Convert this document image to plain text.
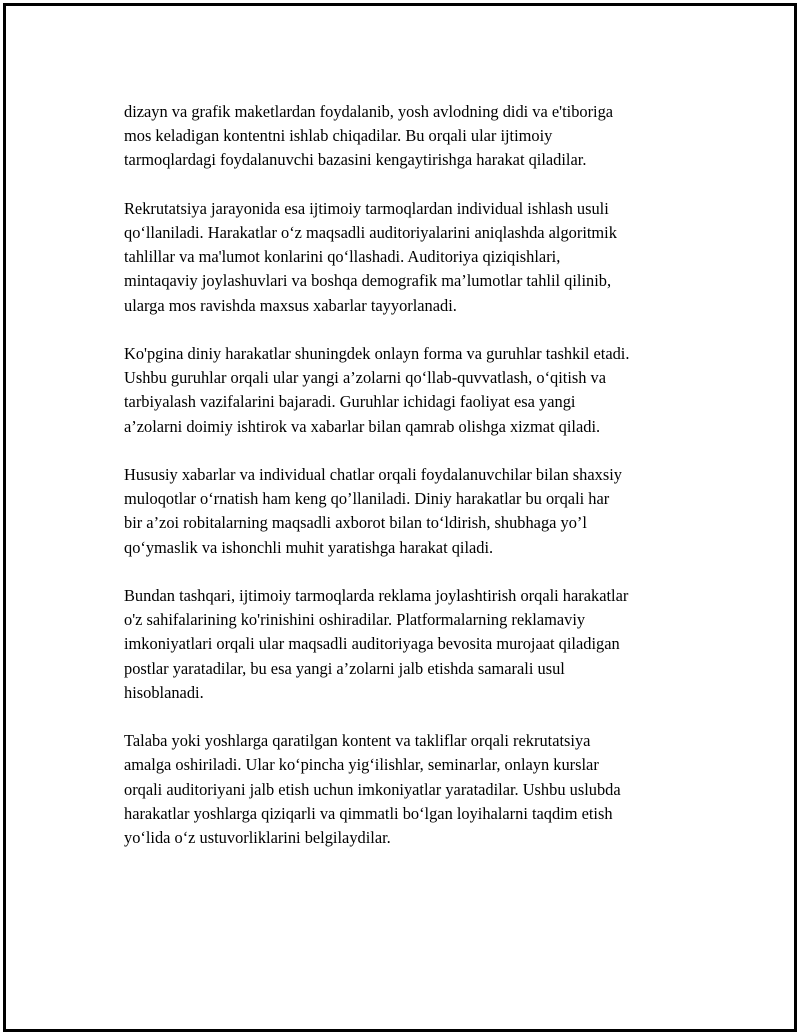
dizayn va grafik maketlardan foydalanib, yosh avlodning didi va e'tiboriga
mos keladigan kontentni ishlab chiqadilar. Bu orqali ular ijtimoiy
tarmoqlardagi foydalanuvchi bazasini kengaytirishga harakat qiladilar.

Rekrutatsiya jarayonida esa ijtimoiy tarmoqlardan individual ishlash usuli
qo‘llaniladi. Harakatlar o‘z maqsadli auditoriyalarini aniqlashda algoritmik
tahlillar va ma'lumot konlarini qo‘llashadi. Auditoriya qiziqishlari,
mintaqaviy joylashuvlari va boshqa demografik ma’lumotlar tahlil qilinib,
ularga mos ravishda maxsus xabarlar tayyorlanadi.

Ko'pgina diniy harakatlar shuningdek onlayn forma va guruhlar tashkil etadi.
Ushbu guruhlar orqali ular yangi a’zolarni qo‘llab-quvvatlash, o‘qitish va
tarbiyalash vazifalarini bajaradi. Guruhlar ichidagi faoliyat esa yangi
a’zolarni doimiy ishtirok va xabarlar bilan qamrab olishga xizmat qiladi.

Hususiy xabarlar va individual chatlar orqali foydalanuvchilar bilan shaxsiy
muloqotlar o‘rnatish ham keng qo’llaniladi. Diniy harakatlar bu orqali har
bir a’zoi robitalarning maqsadli axborot bilan to‘ldirish, shubhaga yo’l
qo‘ymaslik va ishonchli muhit yaratishga harakat qiladi.

Bundan tashqari, ijtimoiy tarmoqlarda reklama joylashtirish orqali harakatlar
o'z sahifalarining ko'rinishini oshiradilar. Platformalarning reklamaviy
imkoniyatlari orqali ular maqsadli auditoriyaga bevosita murojaat qiladigan
postlar yaratadilar, bu esa yangi a’zolarni jalb etishda samarali usul
hisoblanadi.

Talaba yoki yoshlarga qaratilgan kontent va takliflar orqali rekrutatsiya
amalga oshiriladi. Ular ko‘pincha yig‘ilishlar, seminarlar, onlayn kurslar
orqali auditoriyani jalb etish uchun imkoniyatlar yaratadilar. Ushbu uslubda
harakatlar yoshlarga qiziqarli va qimmatli bo‘lgan loyihalarni taqdim etish
yo‘lida o‘z ustuvorliklarini belgilaydilar.
